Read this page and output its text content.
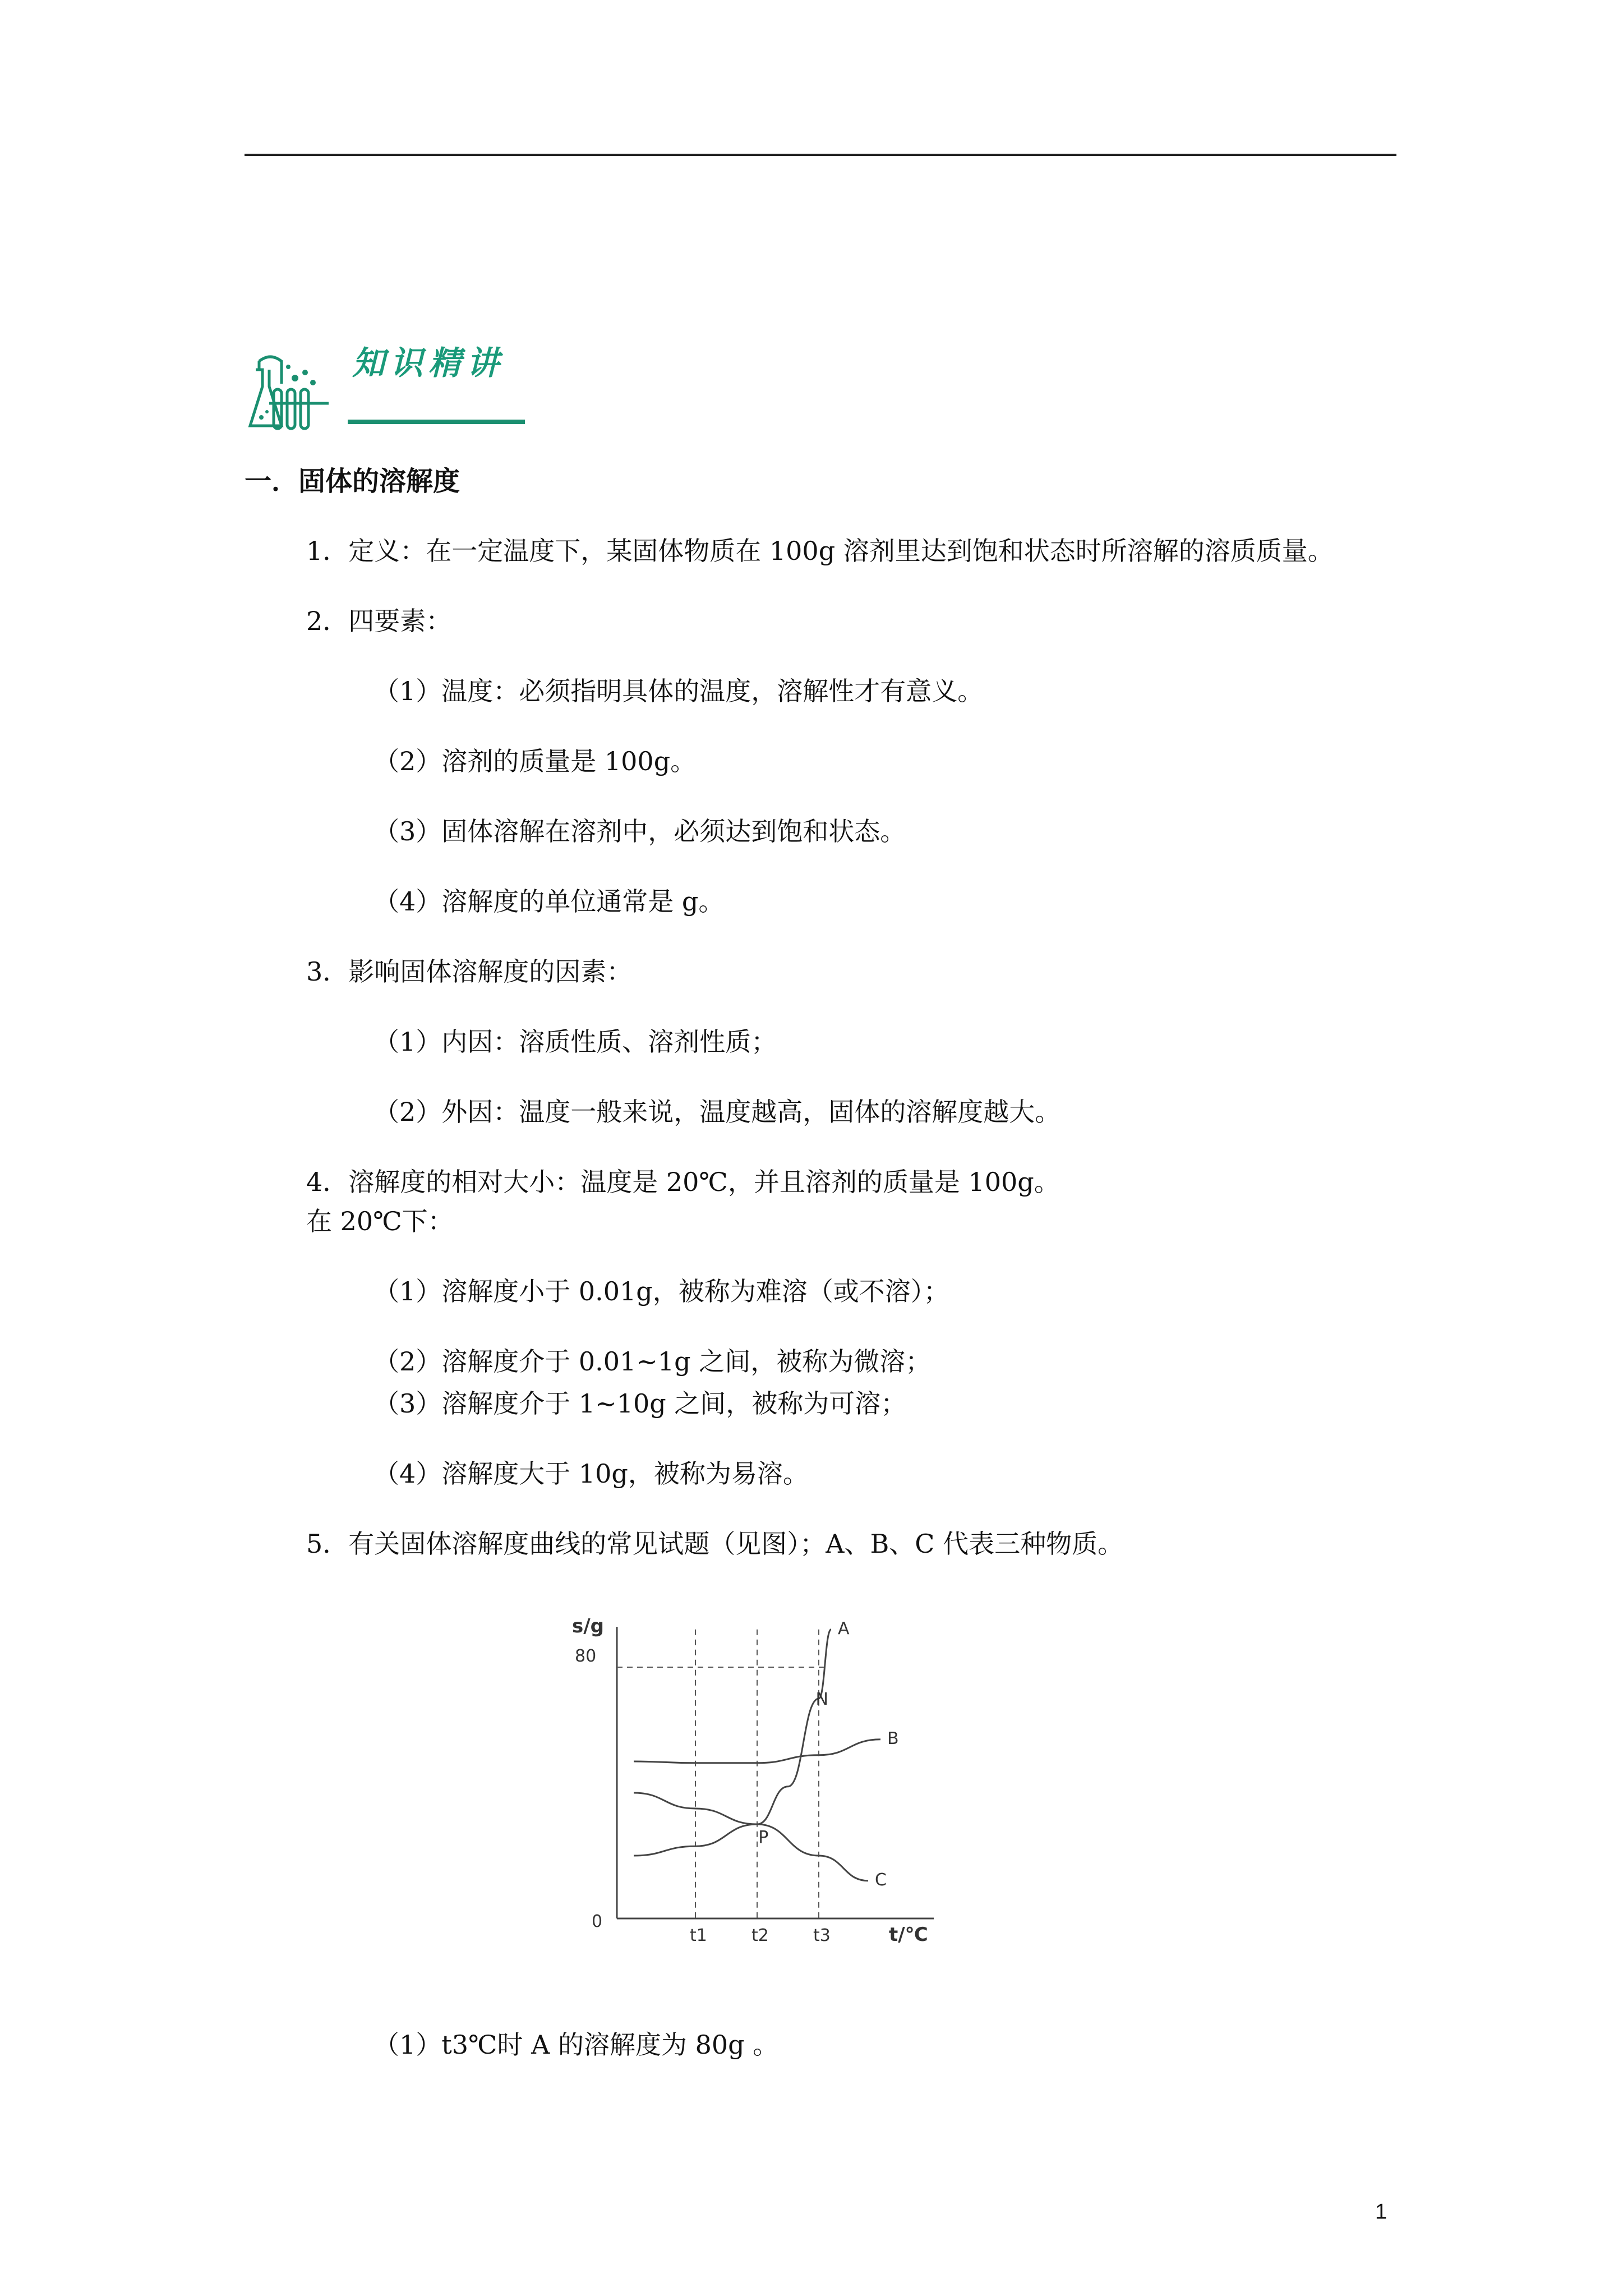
知识精讲
一．固体的溶解度
1．定义：在一定温度下，某固体物质在 100g 溶剂里达到饱和状态时所溶解的溶质质量。
2．四要素：
（1）温度：必须指明具体的温度，溶解性才有意义。
（2）溶剂的质量是 100g。
（3）固体溶解在溶剂中，必须达到饱和状态。
（4）溶解度的单位通常是 g。
3．影响固体溶解度的因素：
（1）内因：溶质性质、溶剂性质；
（2）外因：温度一般来说，温度越高，固体的溶解度越大。
4．溶解度的相对大小：温度是 20℃，并且溶剂的质量是 100g。
在 20℃下：
（1）溶解度小于 0.01g，被称为难溶（或不溶）；
（2）溶解度介于 0.01~1g 之间，被称为微溶；
（3）溶解度介于 1~10g 之间，被称为可溶；
（4）溶解度大于 10g，被称为易溶。
5．有关固体溶解度曲线的常见试题（见图）；A、B、C 代表三种物质。
s/g
t/℃
80
0
t1	t2	t3
A
B
C
N
P
（1）t3℃时 A 的溶解度为 80g 。
1
